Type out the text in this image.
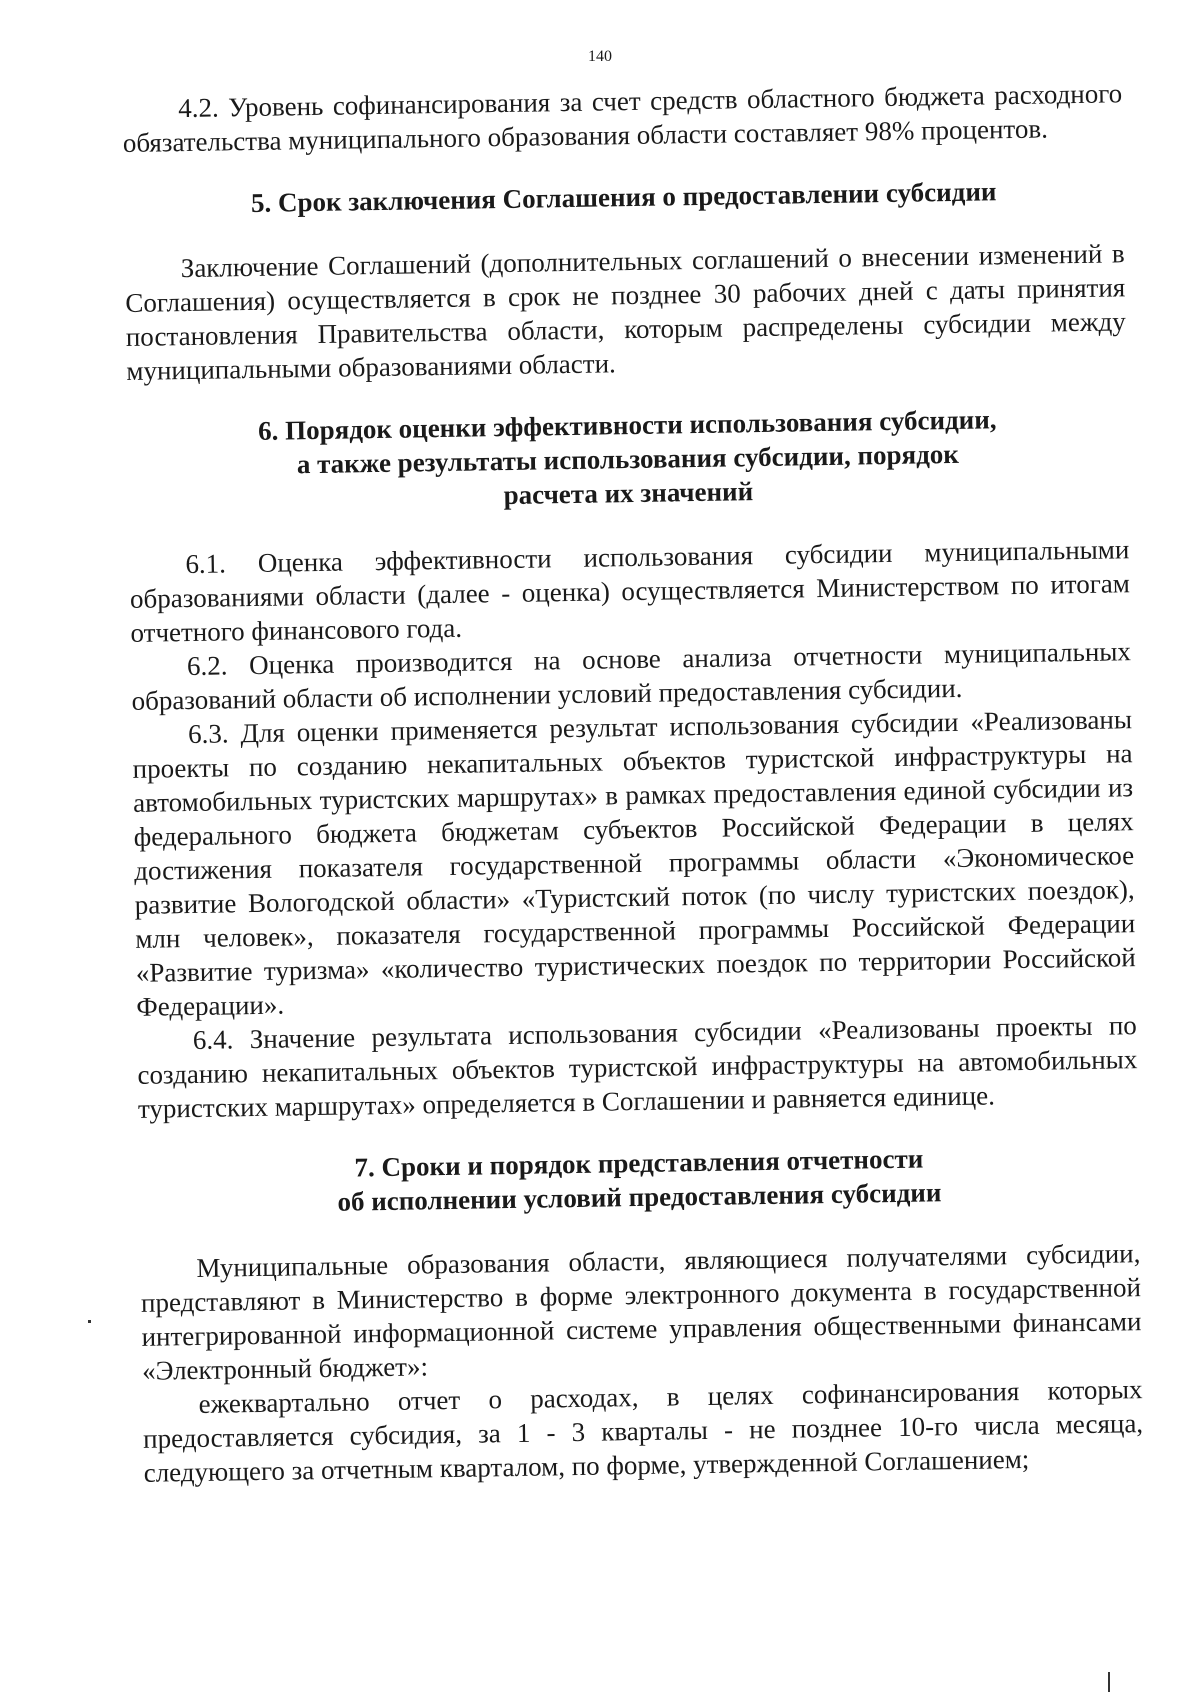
140

4.2. Уровень софинансирования за счет средств областного бюджета расходного обязательства муниципального образования области составляет 98% процентов.

5. Срок заключения Соглашения о предоставлении субсидии

Заключение Соглашений (дополнительных соглашений о внесении изменений в Соглашения) осуществляется в срок не позднее 30 рабочих дней с даты принятия постановления Правительства области, которым распределены субсидии между муниципальными образованиями области.

6. Порядок оценки эффективности использования субсидии,
а также результаты использования субсидии, порядок
расчета их значений

6.1. Оценка эффективности использования субсидии муниципальными образованиями области (далее - оценка) осуществляется Министерством по итогам отчетного финансового года.

6.2. Оценка производится на основе анализа отчетности муниципальных образований области об исполнении условий предоставления субсидии.

6.3. Для оценки применяется результат использования субсидии «Реализованы проекты по созданию некапитальных объектов туристской инфраструктуры на автомобильных туристских маршрутах» в рамках предоставления единой субсидии из федерального бюджета бюджетам субъектов Российской Федерации в целях достижения показателя государственной программы области «Экономическое развитие Вологодской области» «Туристский поток (по числу туристских поездок), млн человек», показателя государственной программы Российской Федерации «Развитие туризма» «количество туристических поездок по территории Российской Федерации».

6.4. Значение результата использования субсидии «Реализованы проекты по созданию некапитальных объектов туристской инфраструктуры на автомобильных туристских маршрутах» определяется в Соглашении и равняется единице.

7. Сроки и порядок представления отчетности
об исполнении условий предоставления субсидии

Муниципальные образования области, являющиеся получателями субсидии, представляют в Министерство в форме электронного документа в государственной интегрированной информационной системе управления общественными финансами «Электронный бюджет»:

ежеквартально отчет о расходах, в целях софинансирования которых предоставляется субсидия, за 1 - 3 кварталы - не позднее 10-го числа месяца, следующего за отчетным кварталом, по форме, утвержденной Соглашением;
